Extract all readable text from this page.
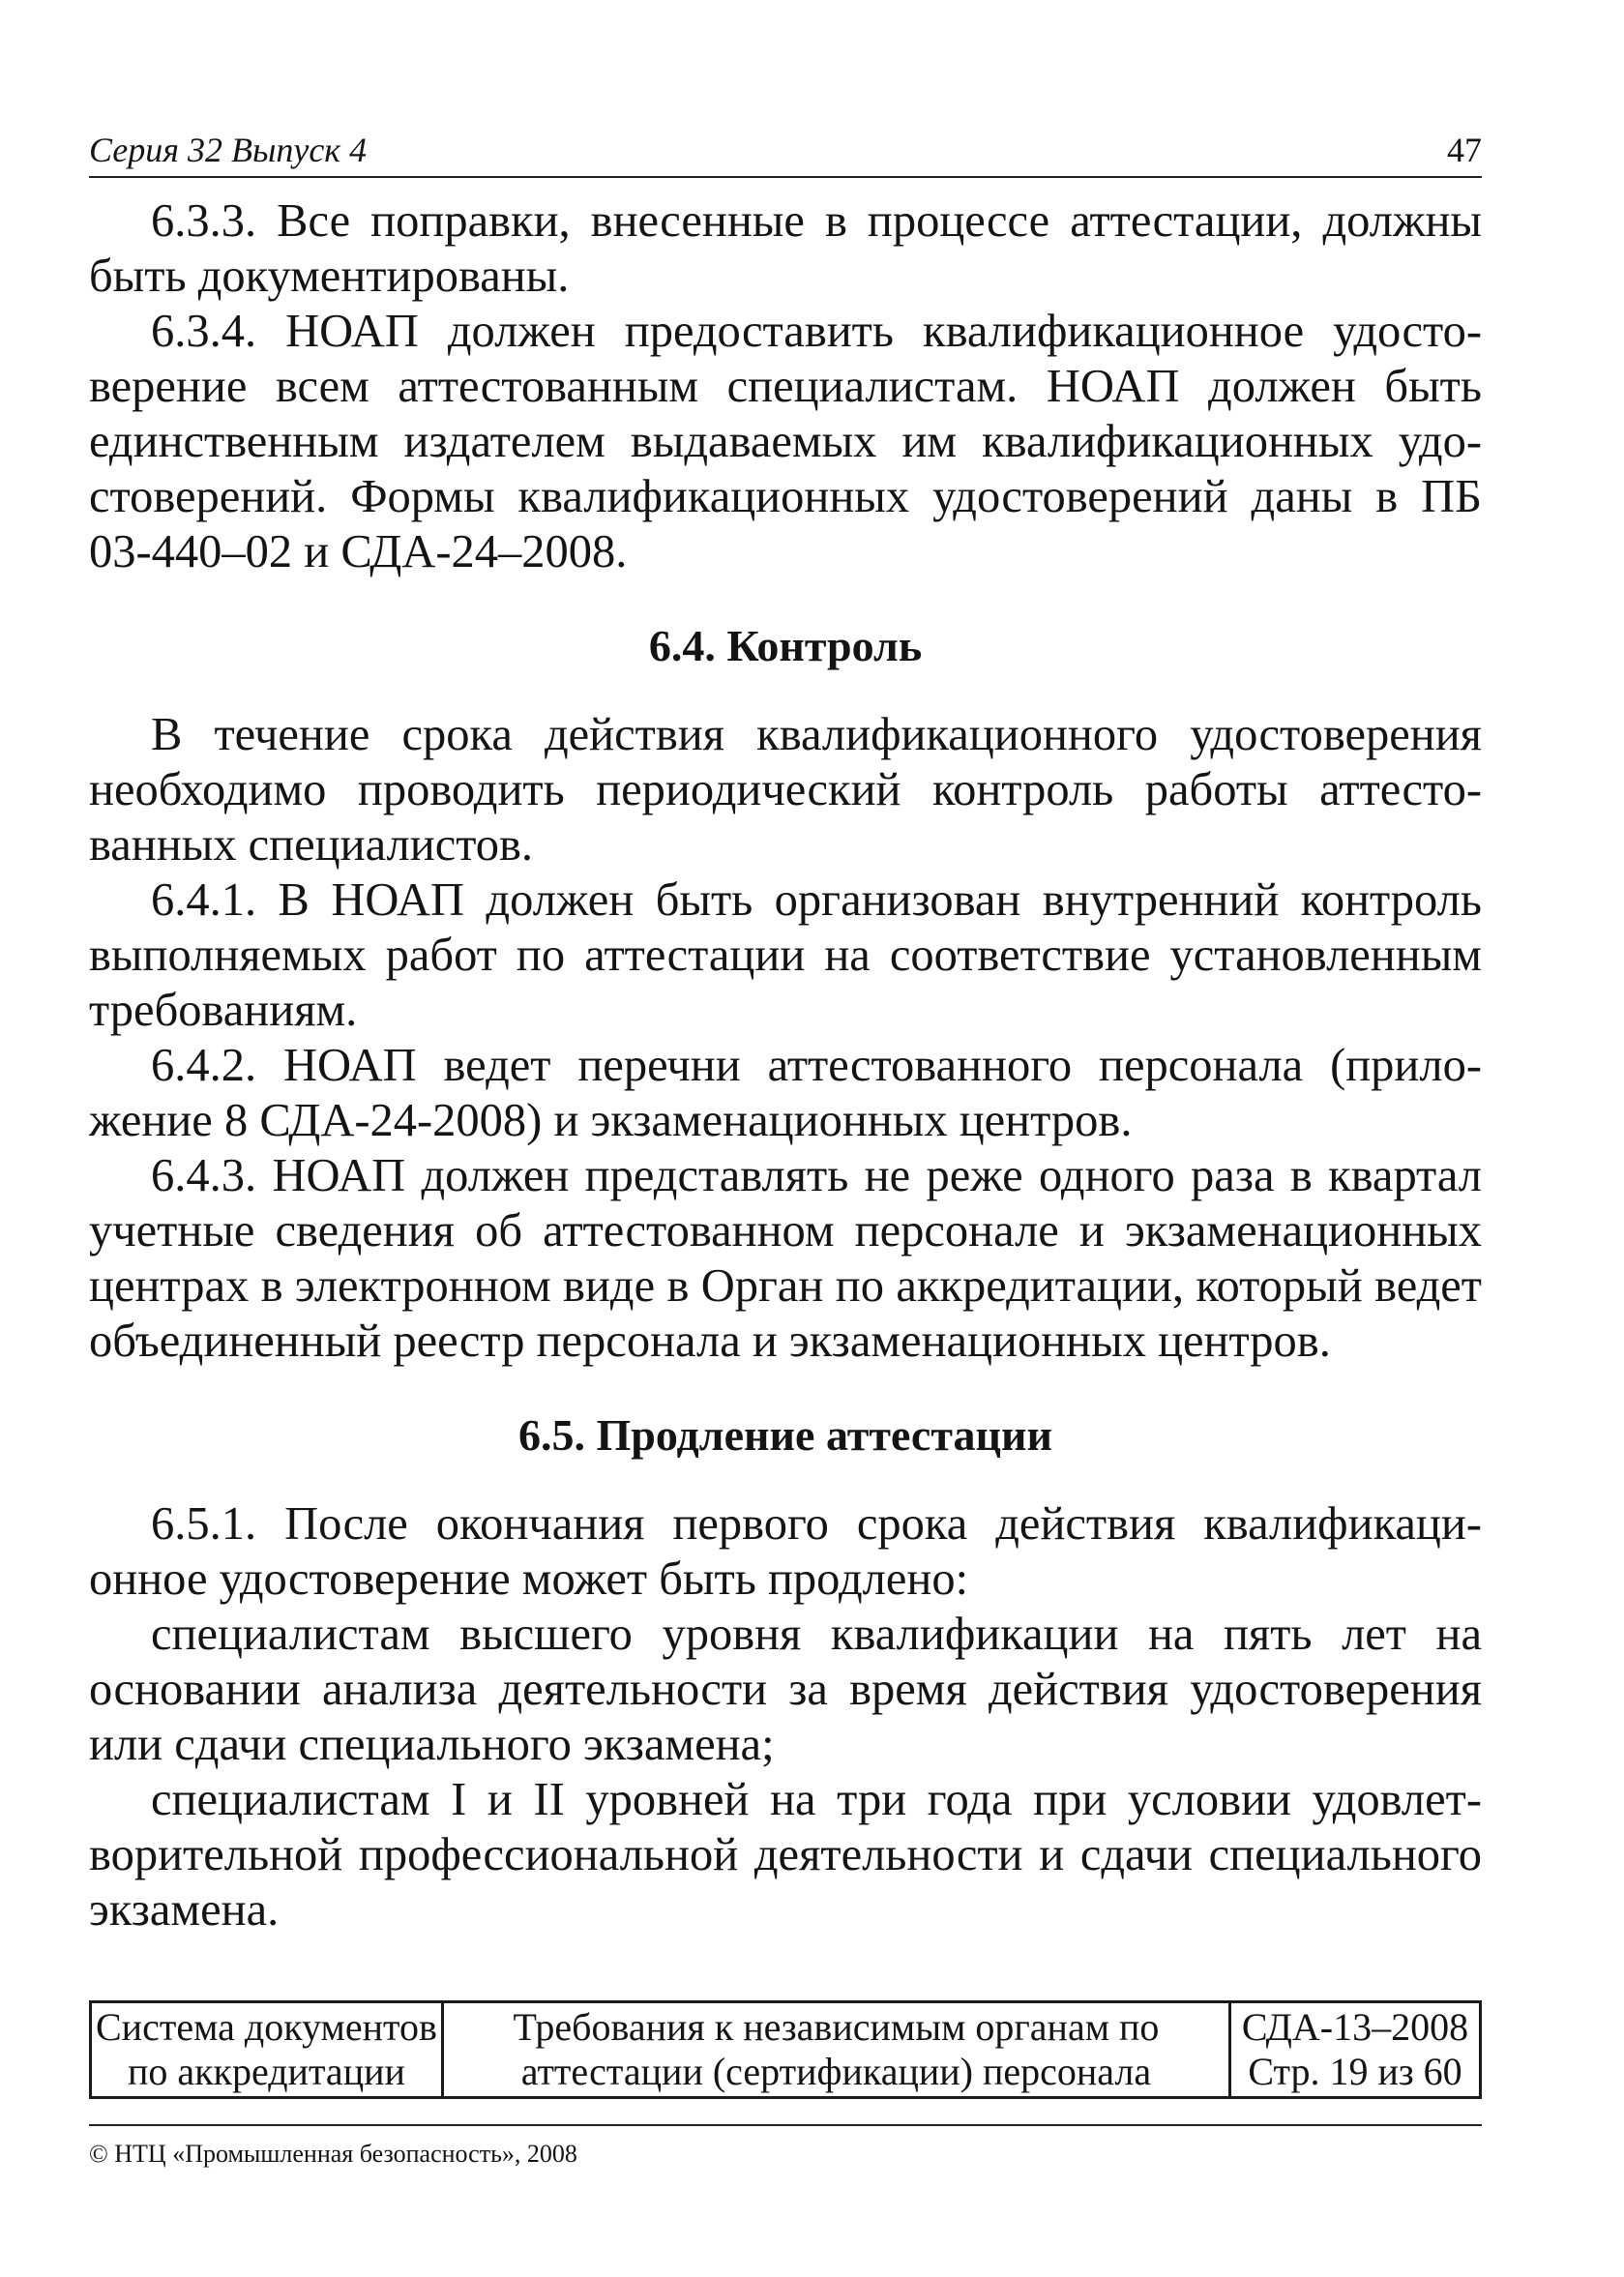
Серия 32 Выпуск 4	47

6.3.3. Все поправки, внесенные в процессе аттестации, должны быть документированы.

6.3.4. НОАП должен предоставить квалификационное удостоверение всем аттестованным специалистам. НОАП должен быть единственным издателем выдаваемых им квалификационных удостоверений. Формы квалификационных удостоверений даны в ПБ 03-440–02 и СДА-24–2008.

6.4. Контроль

В течение срока действия квалификационного удостоверения необходимо проводить периодический контроль работы аттестованных специалистов.

6.4.1. В НОАП должен быть организован внутренний контроль выполняемых работ по аттестации на соответствие установленным требованиям.

6.4.2. НОАП ведет перечни аттестованного персонала (приложение 8 СДА-24-2008) и экзаменационных центров.

6.4.3. НОАП должен представлять не реже одного раза в квартал учетные сведения об аттестованном персонале и экзаменационных центрах в электронном виде в Орган по аккредитации, который ведет объединенный реестр персонала и экзаменационных центров.

6.5. Продление аттестации

6.5.1. После окончания первого срока действия квалификационное удостоверение может быть продлено:

специалистам высшего уровня квалификации на пять лет на основании анализа деятельности за время действия удостоверения или сдачи специального экзамена;

специалистам I и II уровней на три года при условии удовлетворительной профессиональной деятельности и сдачи специального экзамена.

Система документов
по аккредитации

Требования к независимым органам по
аттестации (сертификации) персонала

СДА-13–2008
Стр. 19 из 60
© НТЦ «Промышленная безопасность», 2008
